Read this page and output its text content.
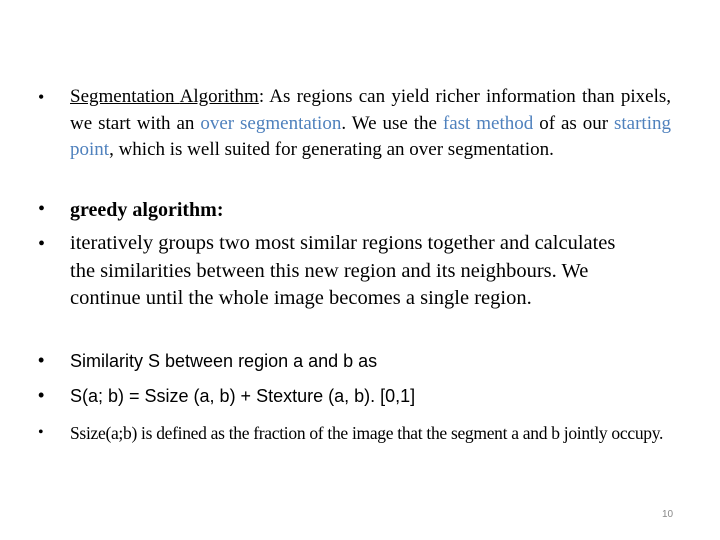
• Segmentation Algorithm: As regions can yield richer information than pixels, we start with an over segmentation. We use the fast method of as our starting point, which is well suited for generating an over segmentation.
• greedy algorithm:
• iteratively groups two most similar regions together and calculates the similarities between this new region and its neighbours. We continue until the whole image becomes a single region.
• Similarity S between region a and b as
• S(a; b) = Ssize (a, b) + Stexture (a, b). [0,1]
• Ssize(a;b) is defined as the fraction of the image that the segment a and b jointly occupy.
10
